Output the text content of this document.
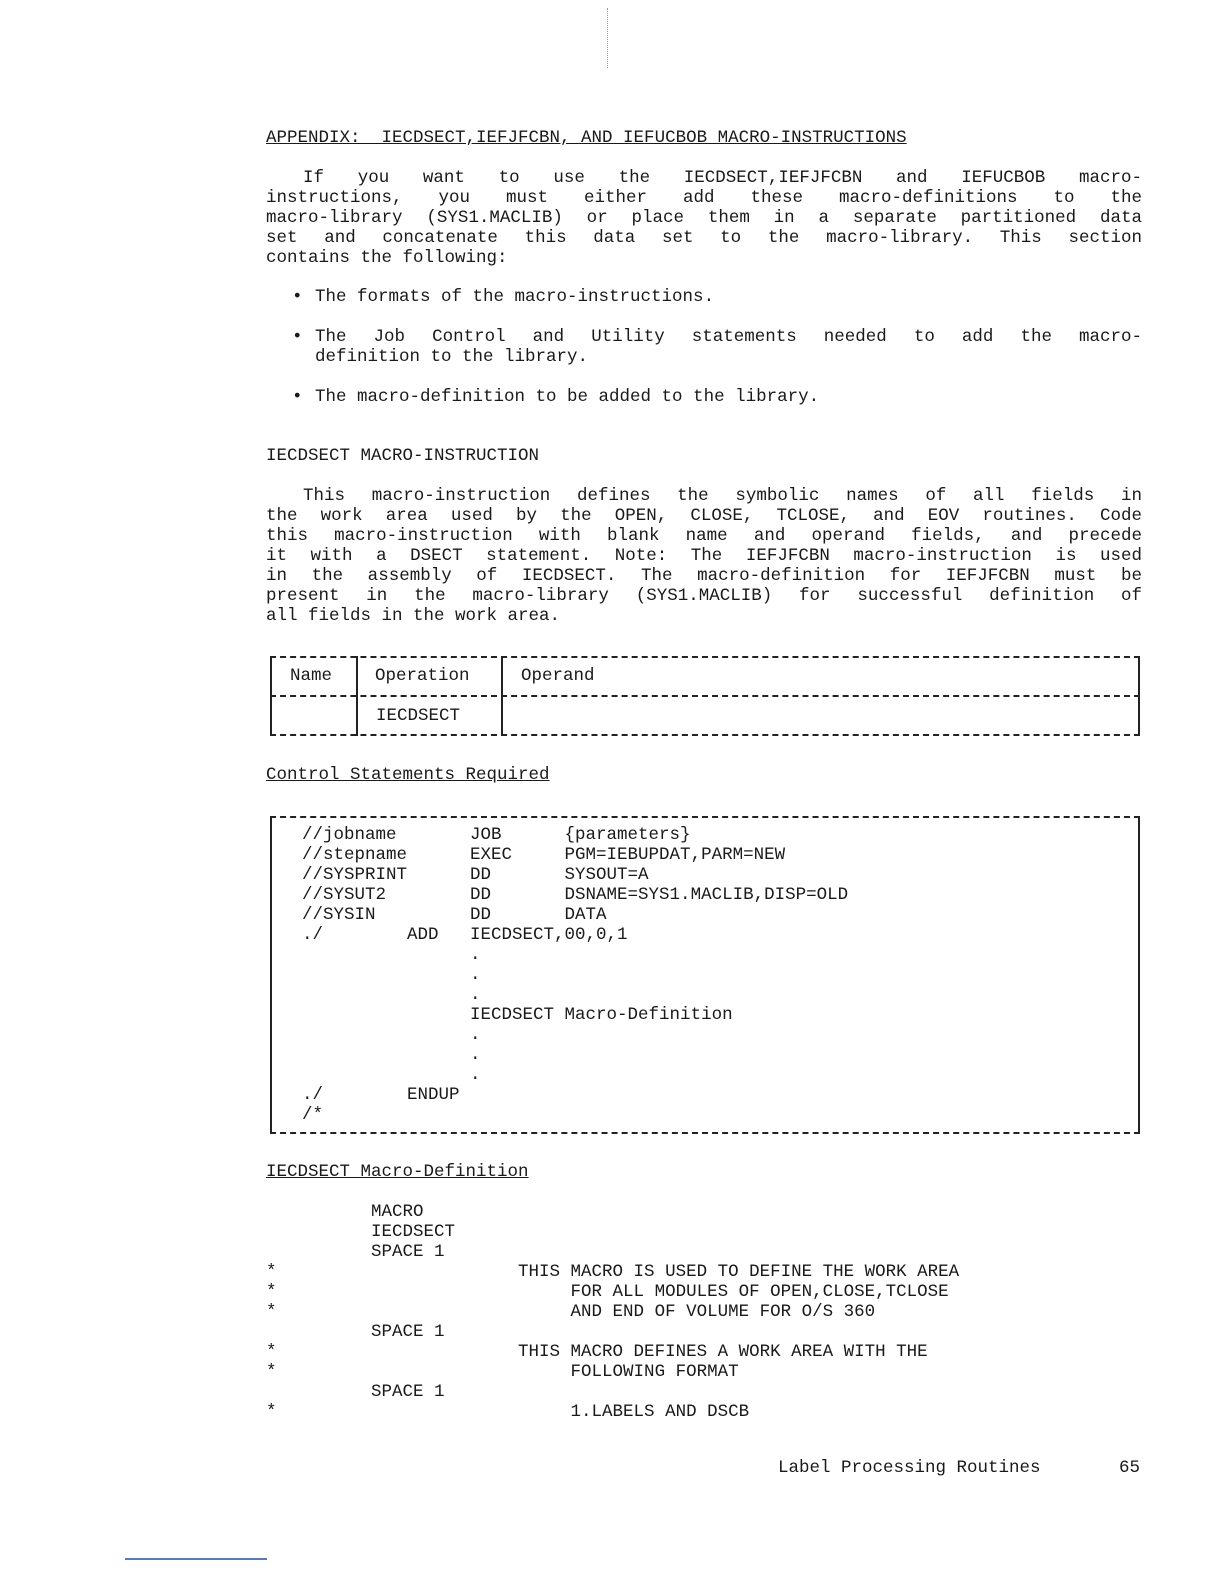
APPENDIX:  IECDSECT,IEFJFCBN, AND IEFUCBOB MACRO-INSTRUCTIONS
If you want to use the IECDSECT,IEFJFCBN and IEFUCBOB macro-
instructions, you must either add these macro-definitions to the
macro-library (SYS1.MACLIB) or place them in a separate partitioned data
set and concatenate this data set to the macro-library. This section
contains the following:
• The formats of the macro-instructions.
• The Job Control and Utility statements needed to add the macro-
definition to the library.
• The macro-definition to be added to the library.
IECDSECT MACRO-INSTRUCTION
This macro-instruction defines the symbolic names of all fields in
the work area used by the OPEN, CLOSE, TCLOSE, and EOV routines. Code
this macro-instruction with blank name and operand fields, and precede
it with a DSECT statement. Note: The IEFJFCBN macro-instruction is used
in the assembly of IECDSECT. The macro-definition for IEFJFCBN must be
present in the macro-library (SYS1.MACLIB) for successful definition of
all fields in the work area.
Name Operation	Operand
IECDSECT
Control Statements Required
//jobname       JOB      {parameters}
//stepname      EXEC     PGM=IEBUPDAT,PARM=NEW
//SYSPRINT      DD       SYSOUT=A
//SYSUT2        DD       DSNAME=SYS1.MACLIB,DISP=OLD
//SYSIN         DD       DATA
./        ADD   IECDSECT,00,0,1
.
.
.
IECDSECT Macro-Definition
.
.
.
./        ENDUP
/*
IECDSECT Macro-Definition
MACRO
IECDSECT
SPACE 1
*                       THIS MACRO IS USED TO DEFINE THE WORK AREA
*                            FOR ALL MODULES OF OPEN,CLOSE,TCLOSE
*                            AND END OF VOLUME FOR O/S 360
SPACE 1
*                       THIS MACRO DEFINES A WORK AREA WITH THE
*                            FOLLOWING FORMAT
SPACE 1
*                            1.LABELS AND DSCB
Label Processing Routines	65
